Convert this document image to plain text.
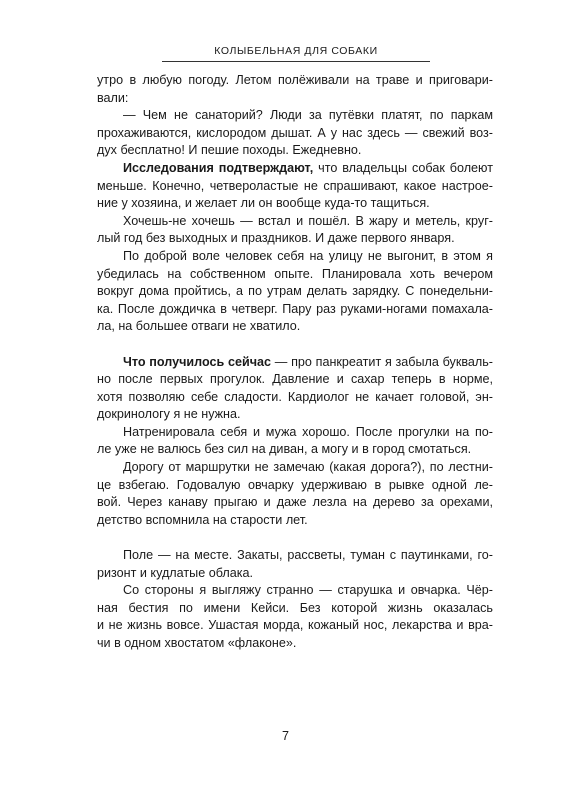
КОЛЫБЕЛЬНАЯ ДЛЯ СОБАКИ
утро в любую погоду. Летом полёживали на траве и приговари-
вали:
— Чем не санаторий? Люди за путёвки платят, по паркам
прохаживаются, кислородом дышат. А у нас здесь — свежий воз-
дух бесплатно! И пешие походы. Ежедневно.
Исследования подтверждают, что владельцы собак болеют
меньше. Конечно, четвероластые не спрашивают, какое настрое-
ние у хозяина, и желает ли он вообще куда-то тащиться.
Хочешь-не хочешь — встал и пошёл. В жару и метель, круг-
лый год без выходных и праздников. И даже первого января.
По доброй воле человек себя на улицу не выгонит, в этом я
убедилась на собственном опыте. Планировала хоть вечером
вокруг дома пройтись, а по утрам делать зарядку. С понедельни-
ка. После дождичка в четверг. Пару раз руками-ногами помахала-
ла, на большее отваги не хватило.
Что получилось сейчас — про панкреатит я забыла букваль-
но после первых прогулок. Давление и сахар теперь в норме,
хотя позволяю себе сладости. Кардиолог не качает головой, эн-
докринологу я не нужна.
Натренировала себя и мужа хорошо. После прогулки на по-
ле уже не валюсь без сил на диван, а могу и в город смотаться.
Дорогу от маршрутки не замечаю (какая дорога?), по лестни-
це взбегаю. Годовалую овчарку удерживаю в рывке одной ле-
вой. Через канаву прыгаю и даже лезла на дерево за орехами,
детство вспомнила на старости лет.
Поле — на месте. Закаты, рассветы, туман с паутинками, го-
ризонт и кудлатые облака.
Со стороны я выгляжу странно — старушка и овчарка. Чёр-
ная бестия по имени Кейси. Без которой жизнь оказалась
и не жизнь вовсе. Ушастая морда, кожаный нос, лекарства и вра-
чи в одном хвостатом «флаконе».
7
